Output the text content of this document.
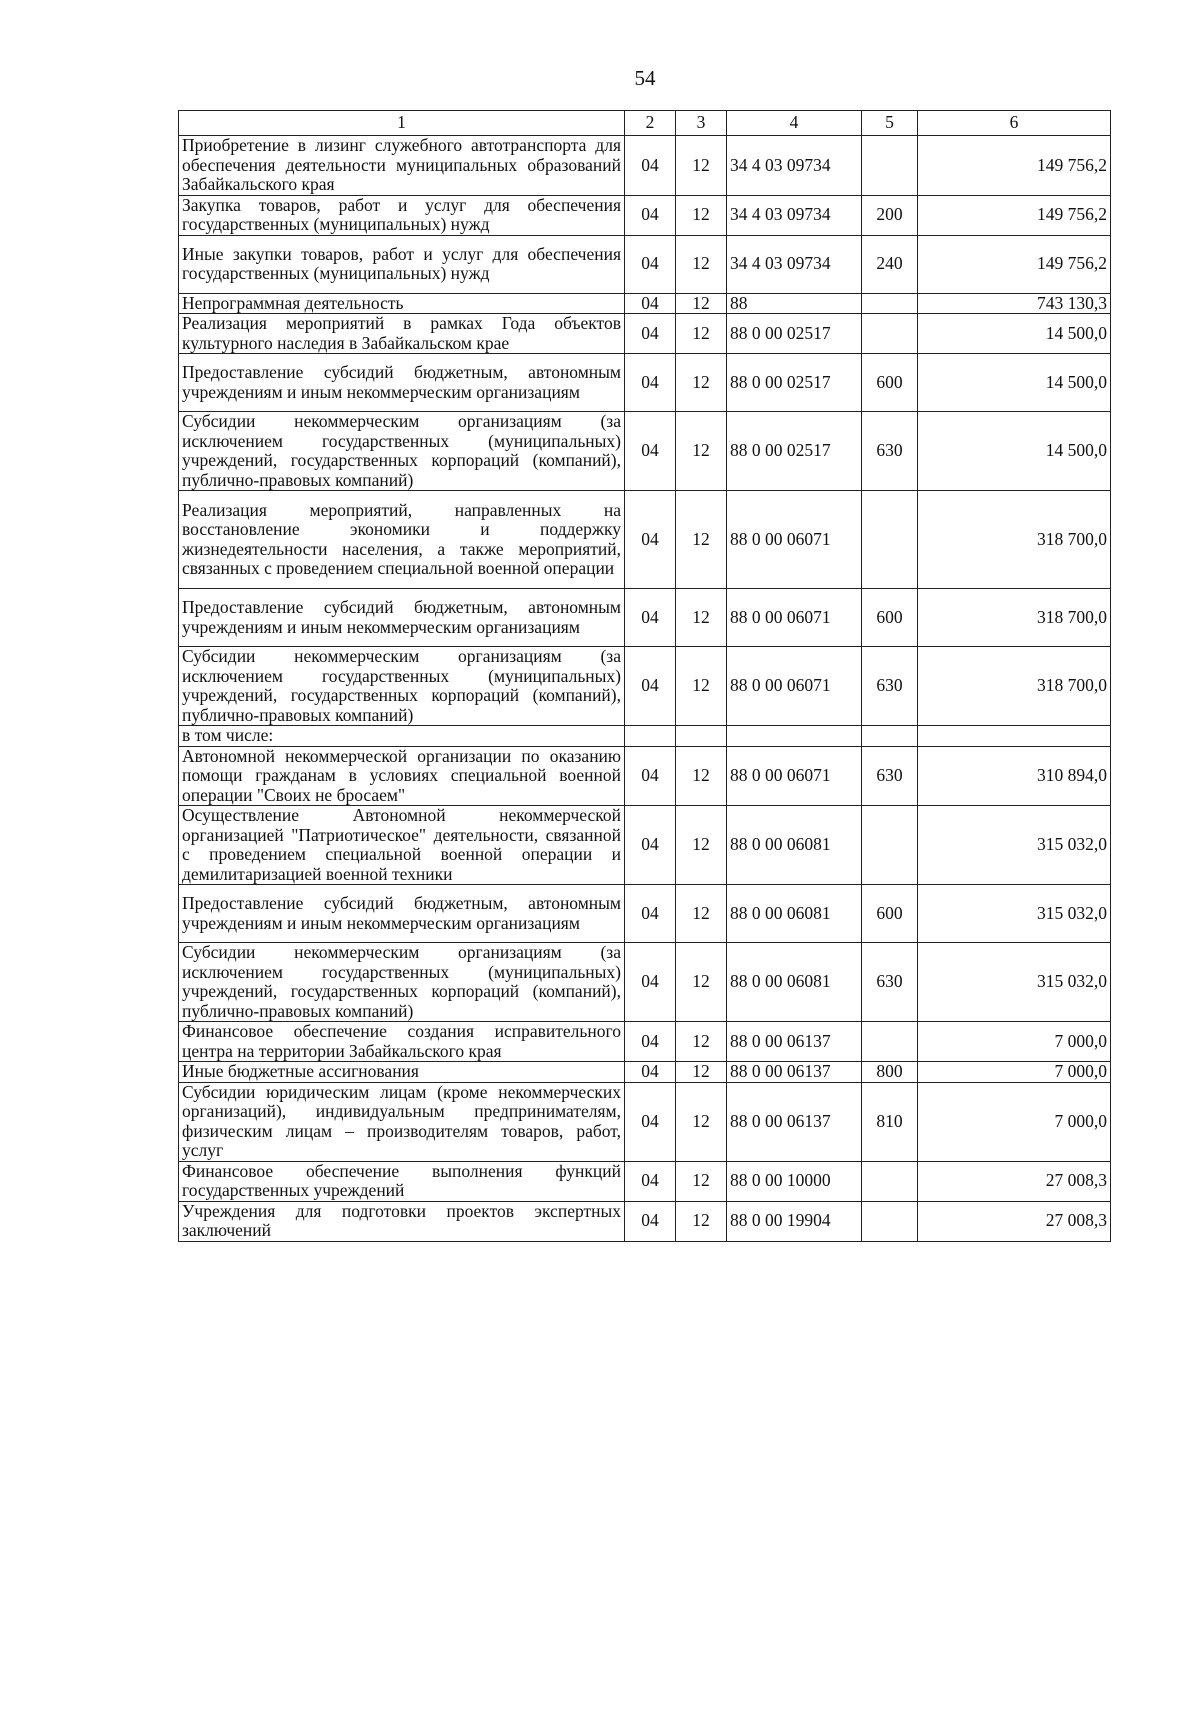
54
1	2	3	4	5	6
Приобретение в лизинг служебного автотранспорта для обеспечения деятельности муниципальных образований Забайкальского края	04	12	34 4 03 09734		149 756,2
Закупка товаров, работ и услуг для обеспечения государственных (муниципальных) нужд	04	12	34 4 03 09734	200	149 756,2
Иные закупки товаров, работ и услуг для обеспечения государственных (муниципальных) нужд	04	12	34 4 03 09734	240	149 756,2
Непрограммная деятельность	04	12	88		743 130,3
Реализация мероприятий в рамках Года объектов культурного наследия в Забайкальском крае	04	12	88 0 00 02517		14 500,0
Предоставление субсидий бюджетным, автономным учреждениям и иным некоммерческим организациям	04	12	88 0 00 02517	600	14 500,0
Субсидии некоммерческим организациям (за исключением государственных (муниципальных) учреждений, государственных корпораций (компаний), публично-правовых компаний)	04	12	88 0 00 02517	630	14 500,0
Реализация мероприятий, направленных на восстановление экономики и поддержку жизнедеятельности населения, а также мероприятий, связанных с проведением специальной военной операции	04	12	88 0 00 06071		318 700,0
Предоставление субсидий бюджетным, автономным учреждениям и иным некоммерческим организациям	04	12	88 0 00 06071	600	318 700,0
Субсидии некоммерческим организациям (за исключением государственных (муниципальных) учреждений, государственных корпораций (компаний), публично-правовых компаний)	04	12	88 0 00 06071	630	318 700,0
в том числе:					
Автономной некоммерческой организации по оказанию помощи гражданам в условиях специальной военной операции "Своих не бросаем"	04	12	88 0 00 06071	630	310 894,0
Осуществление Автономной некоммерческой организацией "Патриотическое" деятельности, связанной с проведением специальной военной операции и демилитаризацией военной техники	04	12	88 0 00 06081		315 032,0
Предоставление субсидий бюджетным, автономным учреждениям и иным некоммерческим организациям	04	12	88 0 00 06081	600	315 032,0
Субсидии некоммерческим организациям (за исключением государственных (муниципальных) учреждений, государственных корпораций (компаний), публично-правовых компаний)	04	12	88 0 00 06081	630	315 032,0
Финансовое обеспечение создания исправительного центра на территории Забайкальского края	04	12	88 0 00 06137		7 000,0
Иные бюджетные ассигнования	04	12	88 0 00 06137	800	7 000,0
Субсидии юридическим лицам (кроме некоммерческих организаций), индивидуальным предпринимателям, физическим лицам – производителям товаров, работ, услуг	04	12	88 0 00 06137	810	7 000,0
Финансовое обеспечение выполнения функций государственных учреждений	04	12	88 0 00 10000		27 008,3
Учреждения для подготовки проектов экспертных заключений	04	12	88 0 00 19904		27 008,3
